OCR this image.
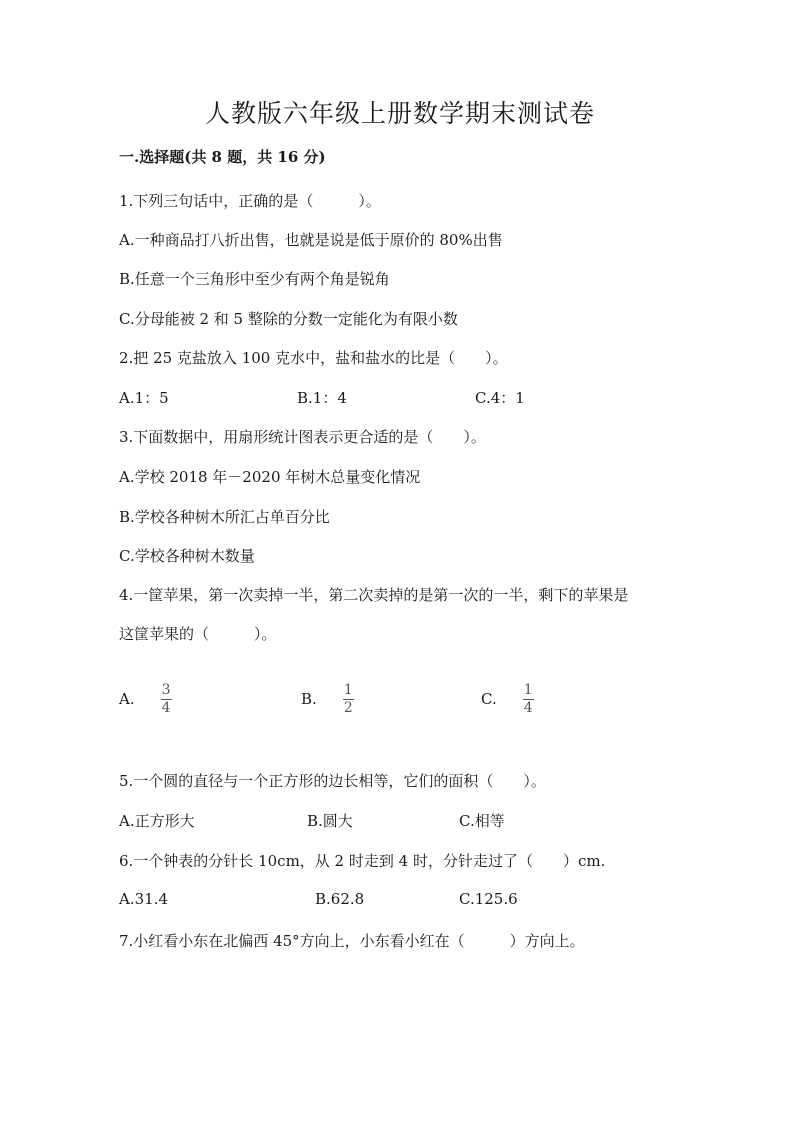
人教版六年级上册数学期末测试卷
一.选择题(共 8 题，共 16 分)
1.下列三句话中，正确的是（　　　）。
A.一种商品打八折出售，也就是说是低于原价的 80%出售
B.任意一个三角形中至少有两个角是锐角
C.分母能被 2 和 5 整除的分数一定能化为有限小数
2.把 25 克盐放入 100 克水中，盐和盐水的比是（　　）。
A.1：5	B.1：4	C.4：1
3.下面数据中，用扇形统计图表示更合适的是（　　）。
A.学校 2018 年－2020 年树木总量变化情况
B.学校各种树木所汇占单百分比
C.学校各种树木数量
4.一筐苹果，第一次卖掉一半，第二次卖掉的是第一次的一半，剩下的苹果是
这筐苹果的（　　　）。
A. $\frac{3}{4}$	B. $\frac{1}{2}$	C. $\frac{1}{4}$
5.一个圆的直径与一个正方形的边长相等，它们的面积（　　）。
A.正方形大	B.圆大	C.相等
6.一个钟表的分针长 10cm，从 2 时走到 4 时，分针走过了（　　）cm.
A.31.4	B.62.8	C.125.6
7.小红看小东在北偏西 45°方向上，小东看小红在（　　　）方向上。
